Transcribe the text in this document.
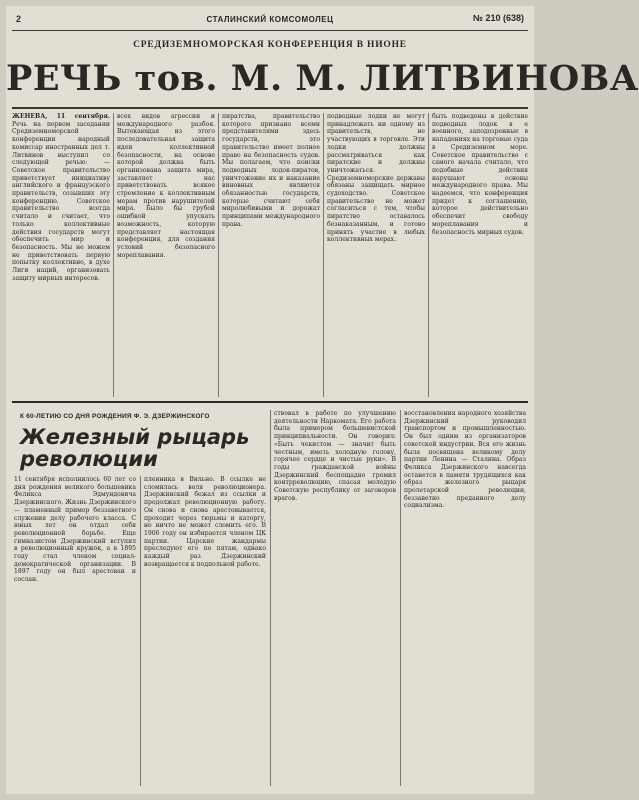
2	СТАЛИНСКИЙ КОМСОМОЛЕЦ	№ 210 (638)
СРЕДИЗЕМНОМОРСКАЯ КОНФЕРЕНЦИЯ В НИОНЕ
РЕЧЬ тов. М. М. ЛИТВИНОВА
ЖЕНЕВА, 11 сентября. Речь на первом заседании Средиземноморской конференции народный комиссар иностранных дел т. Литвинов выступил со следующей речью: — Советское правительство приветствует инициативу английского и французского правительств, созывших эту конференцию. Советское правительство всегда считало и считает, что только коллективные действия государств могут обеспечить мир и безопасность. Мы не можем не приветствовать первую попытку коллективно, в духе Лиги наций, организовать защиту мирных интересов.
всех видов агрессии и международного разбоя. Вытекающая из этого последовательная защита идеи коллективной безопасности, на основе которой должна быть организована защита мира, заставляет нас приветствовать всякое стремление к коллективным мерам против нарушителей мира. Было бы грубой ошибкой упускать возможность, которую представляет настоящая конференция, для создания условий безопасного мореплавания.
пиратства, правительство которого признано всеми представителями здесь государств, это правительство имеет полное право на безопасность судов. Мы полагаем, что поиски подводных лодок-пиратов, уничтожение их и наказание виновных являются обязанностью государств, которые считают себя миролюбивыми и дорожат принципами международного права.
подводные лодки не могут принадлежать ни одному из правительств, не участвующих в торговле. Эти лодки должны рассматриваться как пиратские и должны уничтожаться. Средиземноморские державы обязаны защищать мирное судоходство. Советское правительство не может согласиться с тем, чтобы пиратство оставалось безнаказанным, и готово принять участие в любых коллективных мерах.
быть подведены в действие подводных лодок в е военного, заподозренные в нападениях на торговые суда в Средиземном море. Советское правительство с самого начала считало, что подобные действия нарушают основы международного права. Мы надеемся, что конференция придет к соглашению, которое действительно обеспечит свободу мореплавания и безопасность мирных судов.
К 60-ЛЕТИЮ СО ДНЯ РОЖДЕНИЯ Ф. Э. ДЗЕРЖИНСКОГО
Железный рыцарь революции
11 сентября исполнилось 60 лет со дня рождения великого большевика Феликса Эдмундовича Дзержинского. Жизнь Дзержинского — пламенный пример беззаветного служения делу рабочего класса. С юных лет он отдал себя революционной борьбе. Еще гимназистом Дзержинский вступил в революционный кружок, а в 1895 году стал членом социал-демократической организации. В 1897 году он был арестован и сослан.
пленника в Вильно. В ссылке не сломилась воля революционера. Дзержинский бежал из ссылки и продолжал революционную работу. Он снова и снова арестовывается, проходит через тюрьмы и каторгу, но ничто не может сломить его. В 1906 году он избирается членом ЦК партии. Царские жандармы преследуют его по пятам, однако каждый раз Дзержинский возвращается к подпольной работе.
ствовал в работе по улучшению деятельности Наркомата. Его работа была примером большевистской принципиальности. Он говорил: «Быть чекистом — значит быть честным, иметь холодную голову, горячее сердце и чистые руки». В годы гражданской войны Дзержинский беспощадно громил контрреволюцию, спасая молодую Советскую республику от заговоров врагов.
восстановления народного хозяйства Дзержинский руководил транспортом и промышленностью. Он был одним из организаторов советской индустрии. Вся его жизнь была посвящена великому делу партии Ленина — Сталина. Образ Феликса Дзержинского навсегда останется в памяти трудящихся как образ железного рыцаря пролетарской революции, беззаветно преданного делу социализма.
